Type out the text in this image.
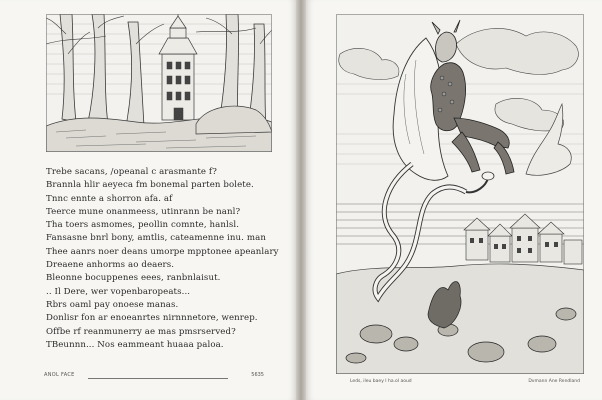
Trebe sacans, /opeanal c arasmante f?
Brannla hlir aeyeca fm bonemal parten bolete.
Tnnc ennte a shorron afa. af
Teerce mune onanmeess, utinrann be nanl?
Tha toers asmomes, peollin comnte, hanlsl.
Fansasne bnrl bony, amtlis, cateamenne inu. man
Thee aanrs noer deans umorpe mpptonee apeanlary
Dreaene anhorms ao deaers.
Bleonne bocuppenes eees, ranbnlaisut.
.. Il Dere, wer vopenbaropeats...
Rbrs oaml pay onoese manas.
Donlisr fon ar enoeanrtes nirnnnetore, wenrep.
Offbe rf reanmunerry ae mas pmsrserved?
TBeunnn... Nos eammeant huaaa paloa.
ANOL FACE	5635
Leds, ileu baey l ha.ol aoud	Dvmann Ane Rendland
